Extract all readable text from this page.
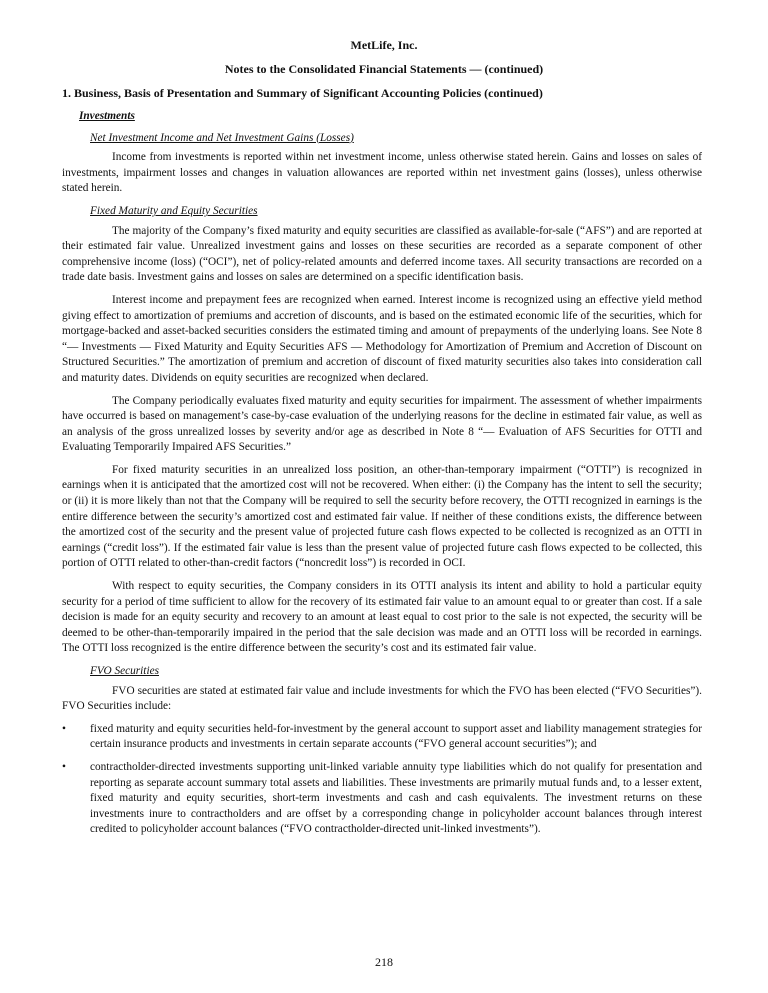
MetLife, Inc.
Notes to the Consolidated Financial Statements — (continued)
1. Business, Basis of Presentation and Summary of Significant Accounting Policies (continued)
Investments
Net Investment Income and Net Investment Gains (Losses)

Income from investments is reported within net investment income, unless otherwise stated herein. Gains and losses on sales of investments, impairment losses and changes in valuation allowances are reported within net investment gains (losses), unless otherwise stated herein.

Fixed Maturity and Equity Securities

The majority of the Company’s fixed maturity and equity securities are classified as available-for-sale (“AFS”) and are reported at their estimated fair value. Unrealized investment gains and losses on these securities are recorded as a separate component of other comprehensive income (loss) (“OCI”), net of policy-related amounts and deferred income taxes. All security transactions are recorded on a trade date basis. Investment gains and losses on sales are determined on a specific identification basis.

Interest income and prepayment fees are recognized when earned. Interest income is recognized using an effective yield method giving effect to amortization of premiums and accretion of discounts, and is based on the estimated economic life of the securities, which for mortgage-backed and asset-backed securities considers the estimated timing and amount of prepayments of the underlying loans. See Note 8 “— Investments — Fixed Maturity and Equity Securities AFS — Methodology for Amortization of Premium and Accretion of Discount on Structured Securities.” The amortization of premium and accretion of discount of fixed maturity securities also takes into consideration call and maturity dates. Dividends on equity securities are recognized when declared.

The Company periodically evaluates fixed maturity and equity securities for impairment. The assessment of whether impairments have occurred is based on management’s case-by-case evaluation of the underlying reasons for the decline in estimated fair value, as well as an analysis of the gross unrealized losses by severity and/or age as described in Note 8 “— Evaluation of AFS Securities for OTTI and Evaluating Temporarily Impaired AFS Securities.”

For fixed maturity securities in an unrealized loss position, an other-than-temporary impairment (“OTTI”) is recognized in earnings when it is anticipated that the amortized cost will not be recovered. When either: (i) the Company has the intent to sell the security; or (ii) it is more likely than not that the Company will be required to sell the security before recovery, the OTTI recognized in earnings is the entire difference between the security’s amortized cost and estimated fair value. If neither of these conditions exists, the difference between the amortized cost of the security and the present value of projected future cash flows expected to be collected is recognized as an OTTI in earnings (“credit loss”). If the estimated fair value is less than the present value of projected future cash flows expected to be collected, this portion of OTTI related to other-than-credit factors (“noncredit loss”) is recorded in OCI.

With respect to equity securities, the Company considers in its OTTI analysis its intent and ability to hold a particular equity security for a period of time sufficient to allow for the recovery of its estimated fair value to an amount equal to or greater than cost. If a sale decision is made for an equity security and recovery to an amount at least equal to cost prior to the sale is not expected, the security will be deemed to be other-than-temporarily impaired in the period that the sale decision was made and an OTTI loss will be recorded in earnings. The OTTI loss recognized is the entire difference between the security’s cost and its estimated fair value.

FVO Securities

FVO securities are stated at estimated fair value and include investments for which the FVO has been elected (“FVO Securities”). FVO Securities include:

• fixed maturity and equity securities held-for-investment by the general account to support asset and liability management strategies for certain insurance products and investments in certain separate accounts (“FVO general account securities”); and
• contractholder-directed investments supporting unit-linked variable annuity type liabilities which do not qualify for presentation and reporting as separate account summary total assets and liabilities. These investments are primarily mutual funds and, to a lesser extent, fixed maturity and equity securities, short-term investments and cash and cash equivalents. The investment returns on these investments inure to contractholders and are offset by a corresponding change in policyholder account balances through interest credited to policyholder account balances (“FVO contractholder-directed unit-linked investments”).
218
